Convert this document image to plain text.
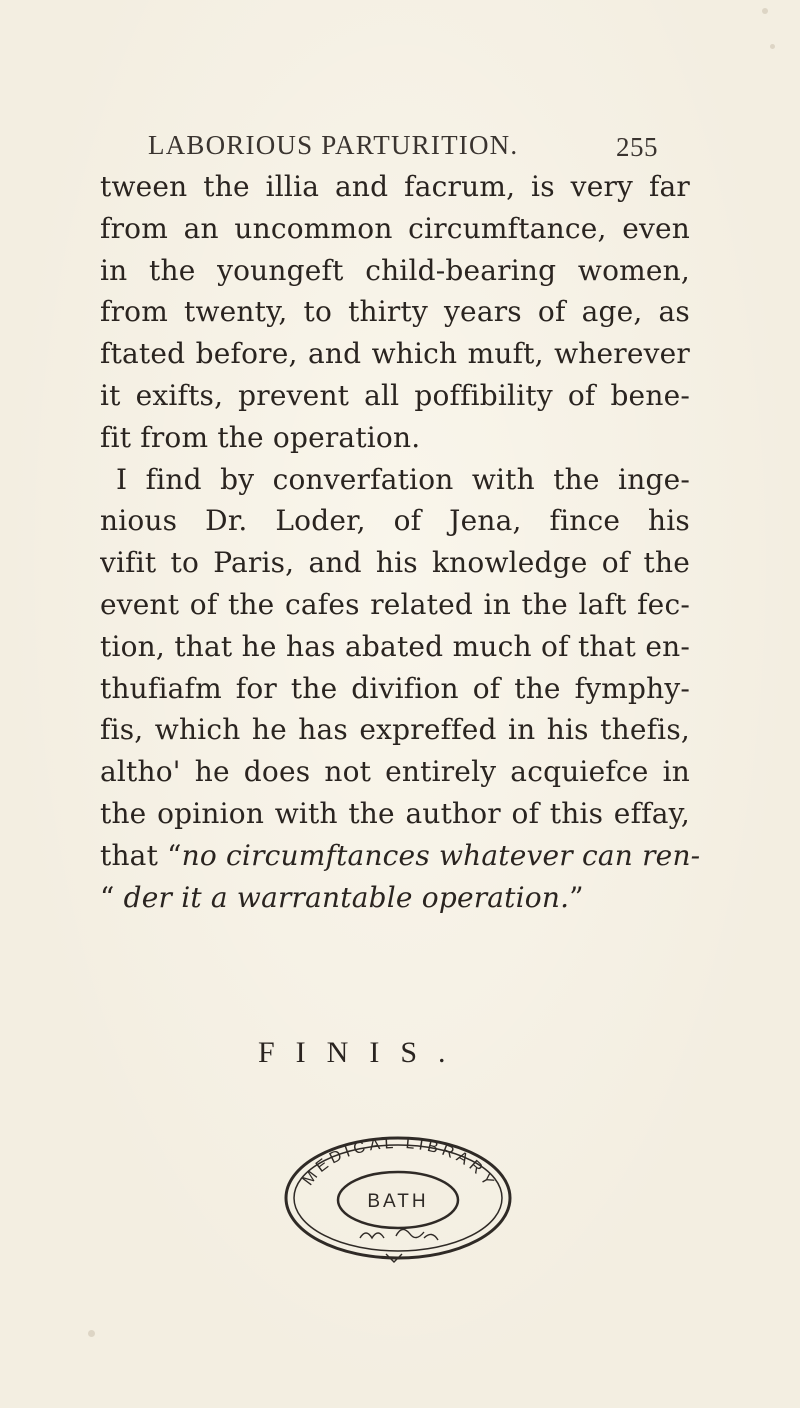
LABORIOUS PARTURITION.	255
tween the illia and facrum, is very far
from an uncommon circumftance, even
in the youngeft child-bearing women,
from twenty, to thirty years of age, as
ftated before, and which muft, wherever
it exifts, prevent all poffibility of bene-
fit from the operation.
I find by converfation with the inge-
nious Dr. Loder, of Jena, fince his
vifit to Paris, and his knowledge of the
event of the cafes related in the laft fec-
tion, that he has abated much of that en-
thufiafm for the divifion of the fymphy-
fis, which he has expreffed in his thefis,
altho' he does not entirely acquiefce in
the opinion with the author of this effay,
that “no circumftances whatever can ren-
“ der it a warrantable operation.”
FINIS.
MEDICAL LIBRARY
BATH
